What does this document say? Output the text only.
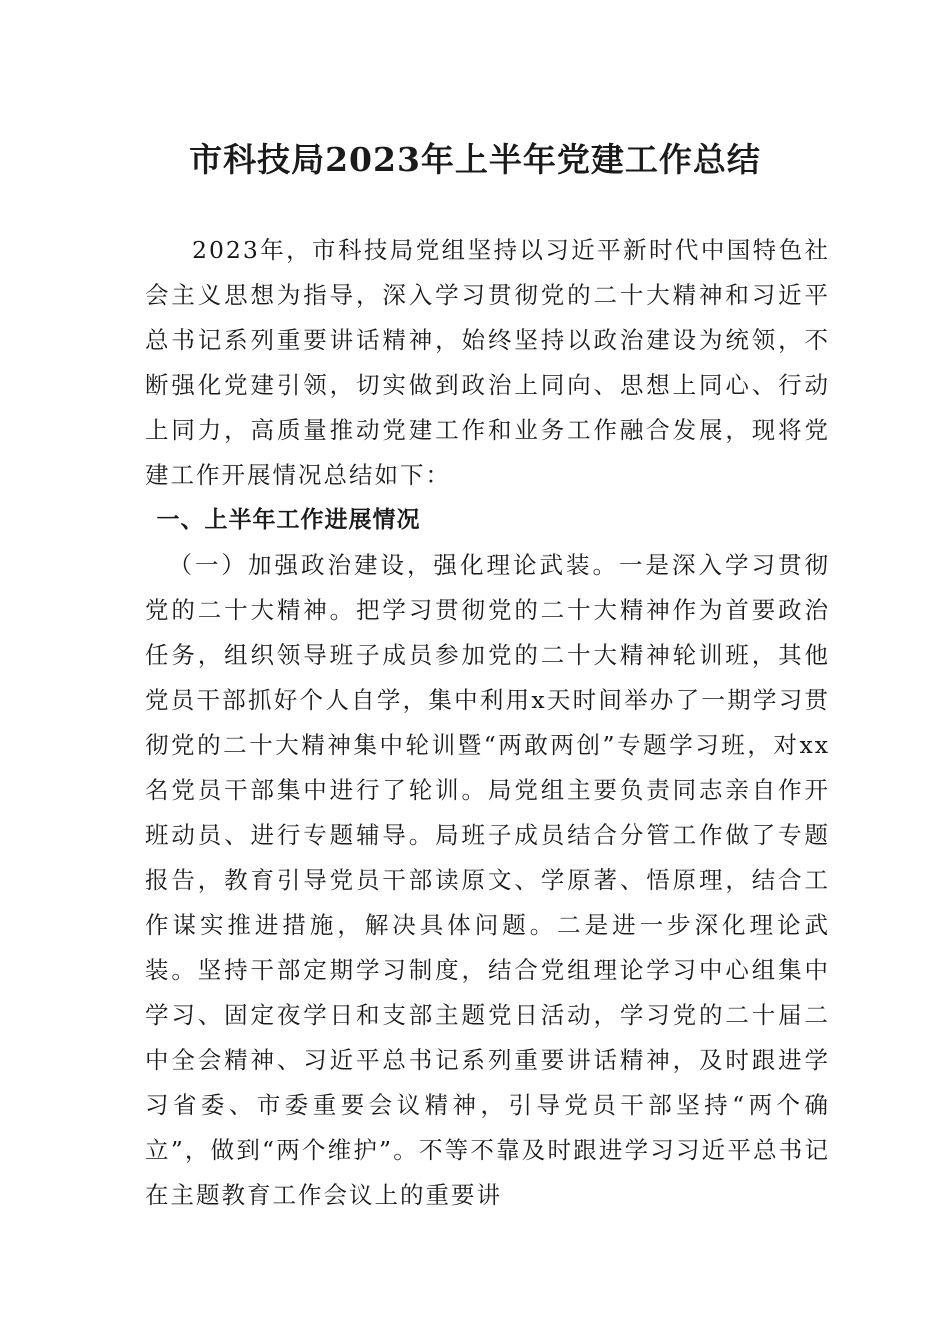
市科技局2023年上半年党建工作总结

2023年，市科技局党组坚持以习近平新时代中国特色社会主义思想为指导，深入学习贯彻党的二十大精神和习近平总书记系列重要讲话精神，始终坚持以政治建设为统领，不断强化党建引领，切实做到政治上同向、思想上同心、行动上同力，高质量推动党建工作和业务工作融合发展，现将党建工作开展情况总结如下：

一、上半年工作进展情况

（一）加强政治建设，强化理论武装。一是深入学习贯彻党的二十大精神。把学习贯彻党的二十大精神作为首要政治任务，组织领导班子成员参加党的二十大精神轮训班，其他党员干部抓好个人自学，集中利用x天时间举办了一期学习贯彻党的二十大精神集中轮训暨“两敢两创”专题学习班，对xx名党员干部集中进行了轮训。局党组主要负责同志亲自作开班动员、进行专题辅导。局班子成员结合分管工作做了专题报告，教育引导党员干部读原文、学原著、悟原理，结合工作谋实推进措施，解决具体问题。二是进一步深化理论武装。坚持干部定期学习制度，结合党组理论学习中心组集中学习、固定夜学日和支部主题党日活动，学习党的二十届二中全会精神、习近平总书记系列重要讲话精神，及时跟进学习省委、市委重要会议精神，引导党员干部坚持“两个确立”，做到“两个维护”。不等不靠及时跟进学习习近平总书记在主题教育工作会议上的重要讲
